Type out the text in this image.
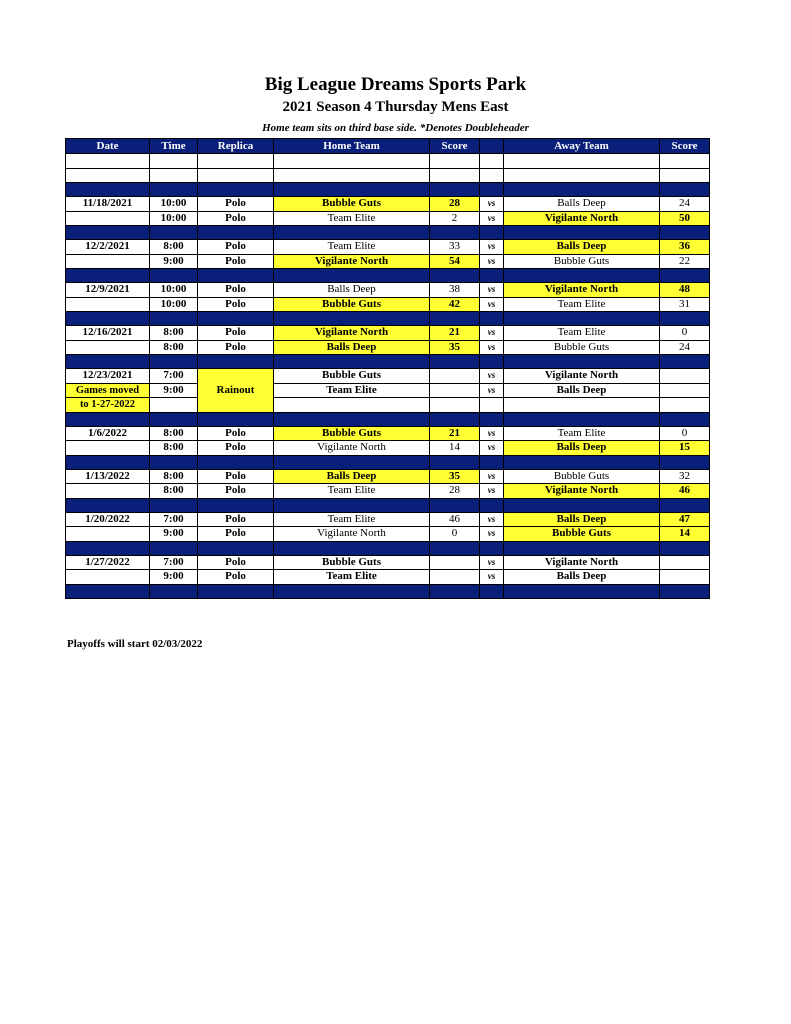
Big League Dreams Sports Park
2021 Season 4 Thursday Mens East
Home team sits on third base side. *Denotes Doubleheader
Date	Time	Replica	Home Team	Score		Away Team	Score

11/18/2021	10:00	Polo	Bubble Guts	28	vs	Balls Deep	24
	10:00	Polo	Team Elite	2	vs	Vigilante North	50

12/2/2021	8:00	Polo	Team Elite	33	vs	Balls Deep	36
	9:00	Polo	Vigilante North	54	vs	Bubble Guts	22

12/9/2021	10:00	Polo	Balls Deep	38	vs	Vigilante North	48
	10:00	Polo	Bubble Guts	42	vs	Team Elite	31

12/16/2021	8:00	Polo	Vigilante North	21	vs	Team Elite	0
	8:00	Polo	Balls Deep	35	vs	Bubble Guts	24

12/23/2021	7:00	Rainout	Bubble Guts		vs	Vigilante North	
Games moved	9:00		Team Elite		vs	Balls Deep	
to 1-27-2022							

1/6/2022	8:00	Polo	Bubble Guts	21	vs	Team Elite	0
	8:00	Polo	Vigilante North	14	vs	Balls Deep	15

1/13/2022	8:00	Polo	Balls Deep	35	vs	Bubble Guts	32
	8:00	Polo	Team Elite	28	vs	Vigilante North	46

1/20/2022	7:00	Polo	Team Elite	46	vs	Balls Deep	47
	9:00	Polo	Vigilante North	0	vs	Bubble Guts	14

1/27/2022	7:00	Polo	Bubble Guts		vs	Vigilante North	
	9:00	Polo	Team Elite		vs	Balls Deep	

Playoffs will start 02/03/2022
